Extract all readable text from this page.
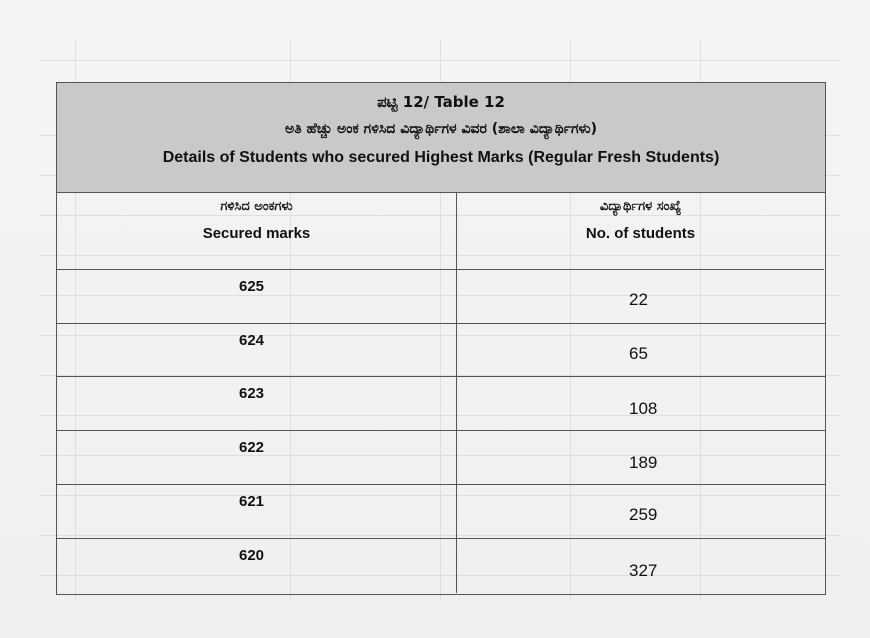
ಪಟ್ಟಿ 12/ Table 12
ಅತಿ ಹೆಚ್ಚು ಅಂಕ ಗಳಿಸಿದ ವಿದ್ಯಾರ್ಥಿಗಳ ವಿವರ (ಶಾಲಾ ವಿದ್ಯಾರ್ಥಿಗಳು)
Details of Students who secured Highest Marks (Regular Fresh Students)
ಗಳಿಸಿದ ಅಂಕಗಳು
Secured marks
ವಿದ್ಯಾರ್ಥಿಗಳ ಸಂಖ್ಯೆ
No. of students
625
22
624
65
623
108
622
189
621
259
620
327
